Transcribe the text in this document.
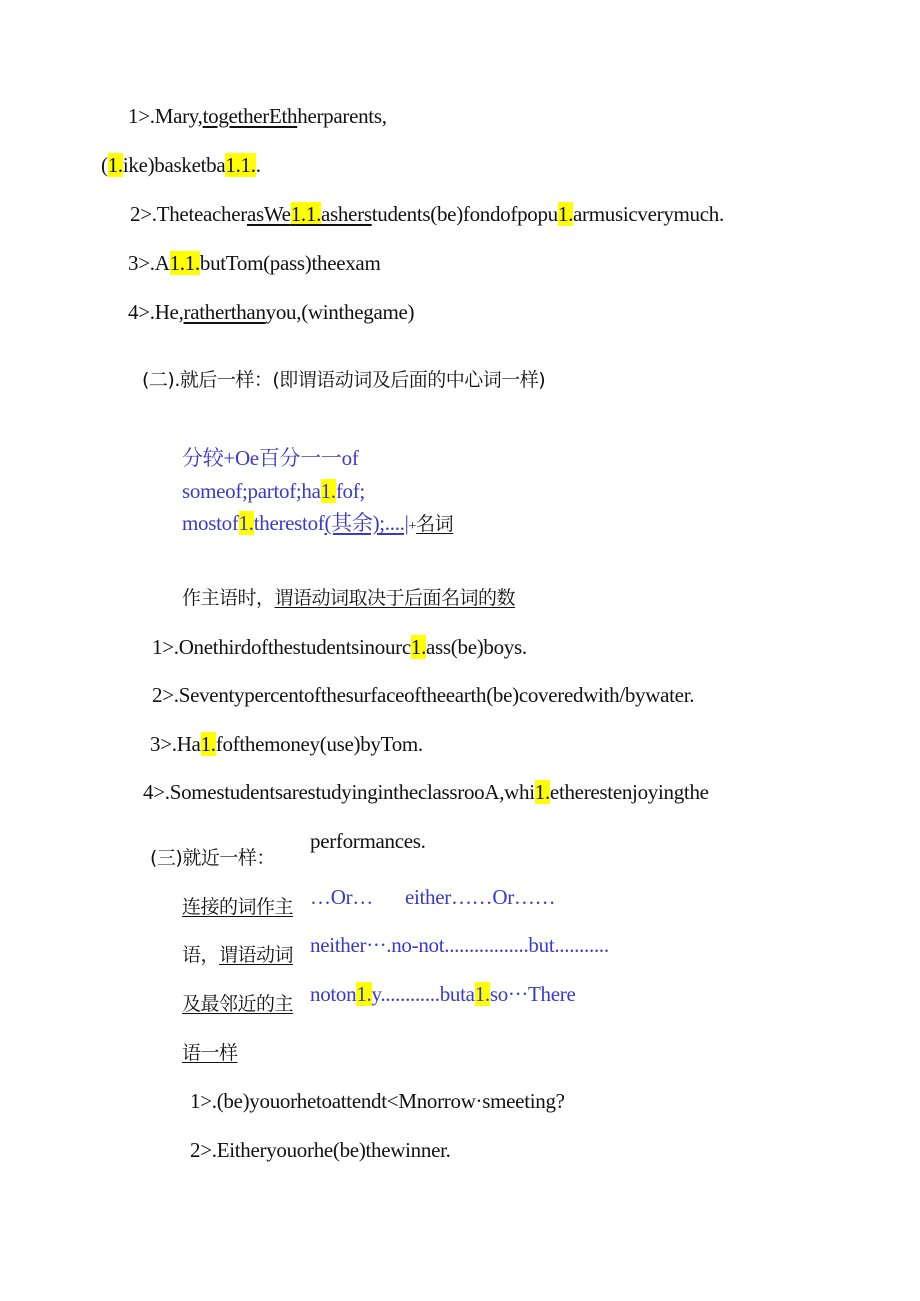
1>.Mary,togetherEthherparents,
(1.ike)basketba1.1..
2>.TheteacherasWe1.1.asherstudents(be)fondofpopu1.armusicverymuch.
3>.A1.1.butTom(pass)theexam
4>.He,ratherthanyou,(winthegame)
(二).就后一样：(即谓语动词及后面的中心词一样)
分较+Oe百分一一of
someof;partof;ha1.fof;
mostof1.therestof(其余);....|+名词
作主语时，谓语动词取决于后面名词的数
1>.Onethirdofthestudentsinourc1.ass(be)boys.
2>.Seventypercentofthesurfaceoftheearth(be)coveredwith/bywater.
3>.Ha1.fofthemoney(use)byTom.
4>.SomestudentsarestudyingintheclassrooA,whi1.etherestenjoyingthe
performances.
(三)就近一样：
连接的词作主
语，谓语动词
及最邻近的主
语一样
…Or… either……Or……
neither···.no-not.................but...........
noton1.y............buta1.so···There
1>.(be)youorhetoattendt<Mnorrow·smeeting?
2>.Eitheryouorhe(be)thewinner.
